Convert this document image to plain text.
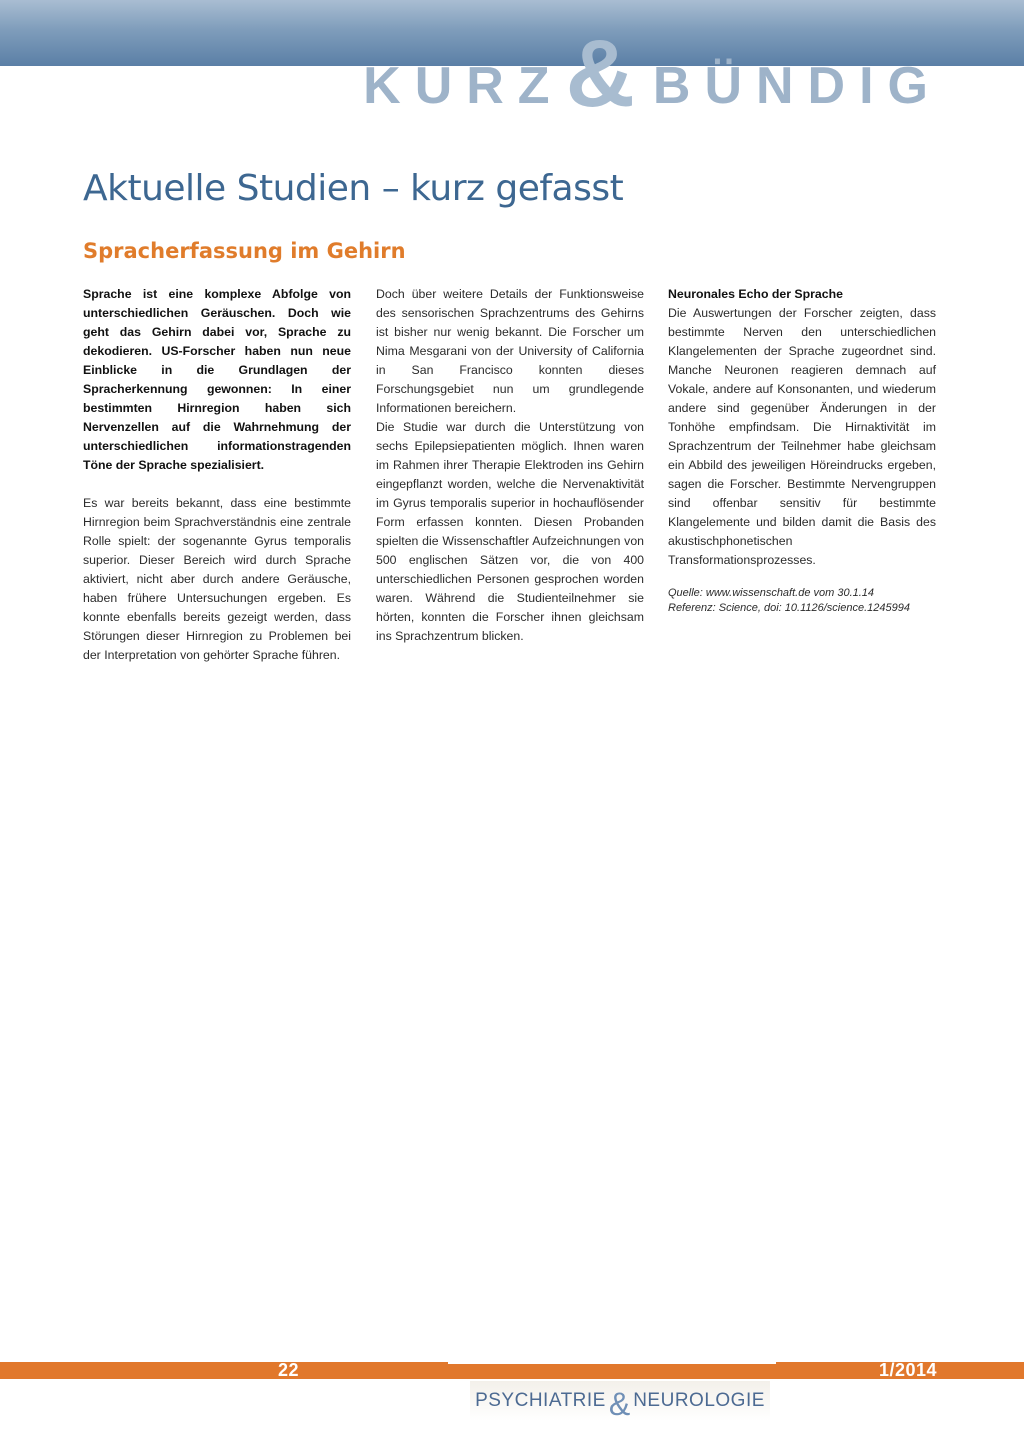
KURZ & BÜNDIG
Aktuelle Studien – kurz gefasst
Spracherfassung im Gehirn

Sprache ist eine komplexe Abfolge von unterschiedlichen Geräuschen. Doch wie geht das Gehirn dabei vor, Sprache zu dekodieren. US-Forscher haben nun neue Einblicke in die Grundlagen der Spracherkennung gewonnen: In einer bestimmten Hirnregion haben sich Nervenzellen auf die Wahrnehmung der unterschiedlichen informationstragenden Töne der Sprache spezialisiert.

Es war bereits bekannt, dass eine bestimmte Hirnregion beim Sprachverständnis eine zentrale Rolle spielt: der sogenannte Gyrus temporalis superior. Dieser Bereich wird durch Sprache aktiviert, nicht aber durch andere Geräusche, haben frühere Untersuchungen ergeben. Es konnte ebenfalls bereits gezeigt werden, dass Störungen dieser Hirnregion zu Problemen bei der Interpretation von gehörter Sprache führen.

Doch über weitere Details der Funktionsweise des sensorischen Sprachzentrums des Gehirns ist bisher nur wenig bekannt. Die Forscher um Nima Mesgarani von der University of California in San Francisco konnten dieses Forschungsgebiet nun um grundlegende Informationen bereichern.

Die Studie war durch die Unterstützung von sechs Epilepsiepatienten möglich. Ihnen waren im Rahmen ihrer Therapie Elektroden ins Gehirn eingepflanzt worden, welche die Nervenaktivität im Gyrus temporalis superior in hochauflösender Form erfassen konnten. Diesen Probanden spielten die Wissenschaftler Aufzeichnungen von 500 englischen Sätzen vor, die von 400 unterschiedlichen Personen gesprochen worden waren. Während die Studienteilnehmer sie hörten, konnten die Forscher ihnen gleichsam ins Sprachzentrum blicken.

Neuronales Echo der Sprache

Die Auswertungen der Forscher zeigten, dass bestimmte Nerven den unterschiedlichen Klangelementen der Sprache zugeordnet sind. Manche Neuronen reagieren demnach auf Vokale, andere auf Konsonanten, und wiederum andere sind gegenüber Änderungen in der Tonhöhe empfindsam. Die Hirnaktivität im Sprachzentrum der Teilnehmer habe gleichsam ein Abbild des jeweiligen Höreindrucks ergeben, sagen die Forscher. Bestimmte Nervengruppen sind offenbar sensitiv für bestimmte Klangelemente und bilden damit die Basis des akustischphonetischen Transformationsprozesses.

Quelle: www.wissenschaft.de vom 30.1.14
Referenz: Science, doi: 10.1126/science.1245994

22	1/2014
PSYCHIATRIE & NEUROLOGIE
